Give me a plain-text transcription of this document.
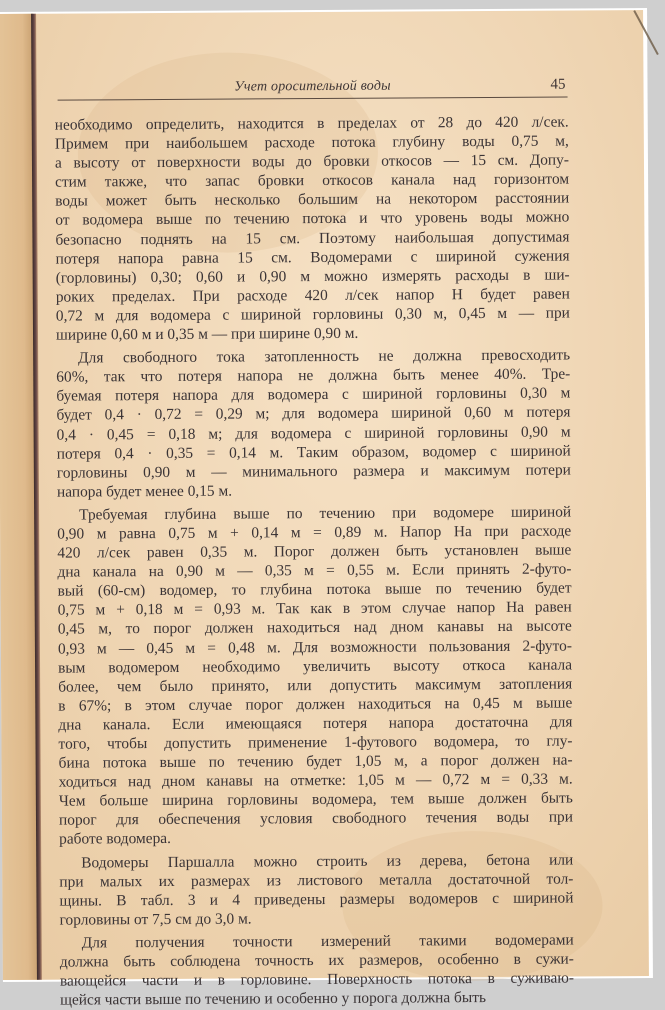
Учет оросительной воды	45
необходимо определить, находится в пределах от 28 до 420 л/сек.
Примем при наибольшем расходе потока глубину воды 0,75 м,
а высоту от поверхности воды до бровки откосов — 15 см. Допу-
стим также, что запас бровки откосов канала над горизонтом
воды может быть несколько большим на некотором расстоянии
от водомера выше по течению потока и что уровень воды можно
безопасно поднять на 15 см. Поэтому наибольшая допустимая
потеря напора равна 15 см. Водомерами с шириной сужения
(горловины) 0,30; 0,60 и 0,90 м можно измерять расходы в ши-
роких пределах. При расходе 420 л/сек напор H будет равен
0,72 м для водомера с шириной горловины 0,30 м, 0,45 м — при
ширине 0,60 м и 0,35 м — при ширине 0,90 м.
Для свободного тока затопленность не должна превосходить
60%, так что потеря напора не должна быть менее 40%. Тре-
буемая потеря напора для водомера с шириной горловины 0,30 м
будет 0,4 · 0,72 = 0,29 м; для водомера шириной 0,60 м потеря
0,4 · 0,45 = 0,18 м; для водомера с шириной горловины 0,90 м
потеря 0,4 · 0,35 = 0,14 м. Таким образом, водомер с шириной
горловины 0,90 м — минимального размера и максимум потери
напора будет менее 0,15 м.
Требуемая глубина выше по течению при водомере шириной
0,90 м равна 0,75 м + 0,14 м = 0,89 м. Напор Hа при расходе
420 л/сек равен 0,35 м. Порог должен быть установлен выше
дна канала на 0,90 м — 0,35 м = 0,55 м. Если принять 2-футо-
вый (60-см) водомер, то глубина потока выше по течению будет
0,75 м + 0,18 м = 0,93 м. Так как в этом случае напор Hа равен
0,45 м, то порог должен находиться над дном канавы на высоте
0,93 м — 0,45 м = 0,48 м. Для возможности пользования 2-футо-
вым водомером необходимо увеличить высоту откоса канала
более, чем было принято, или допустить максимум затопления
в 67%; в этом случае порог должен находиться на 0,45 м выше
дна канала. Если имеющаяся потеря напора достаточна для
того, чтобы допустить применение 1-футового водомера, то глу-
бина потока выше по течению будет 1,05 м, а порог должен на-
ходиться над дном канавы на отметке: 1,05 м — 0,72 м = 0,33 м.
Чем больше ширина горловины водомера, тем выше должен быть
порог для обеспечения условия свободного течения воды при
работе водомера.
Водомеры Паршалла можно строить из дерева, бетона или
при малых их размерах из листового металла достаточной тол-
щины. В табл. 3 и 4 приведены размеры водомеров с шириной
горловины от 7,5 см до 3,0 м.
Для получения точности измерений такими водомерами
должна быть соблюдена точность их размеров, особенно в сужи-
вающейся части и в горловине. Поверхность потока в суживаю-
щейся части выше по течению и особенно у порога должна быть
